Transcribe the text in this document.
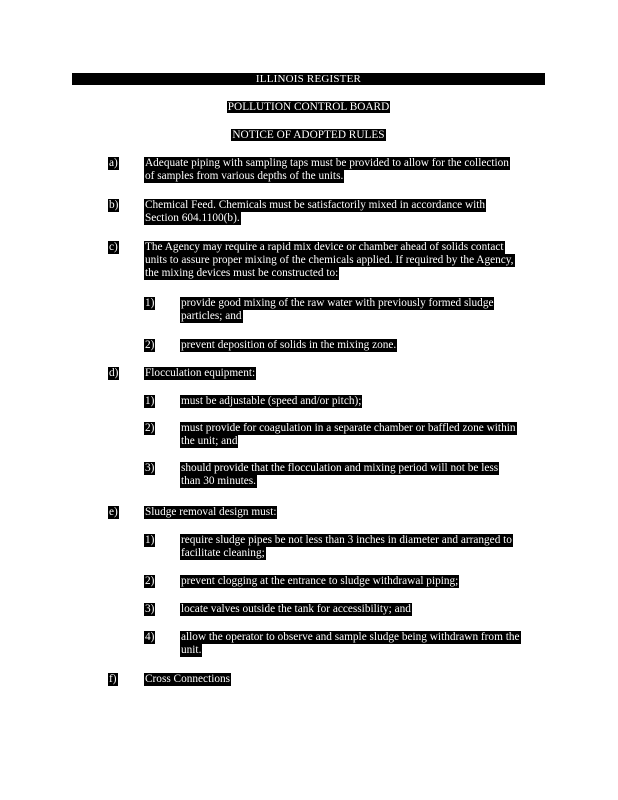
ILLINOIS REGISTER
POLLUTION CONTROL BOARD
NOTICE OF ADOPTED RULES
a) Adequate piping with sampling taps must be provided to allow for the collection
of samples from various depths of the units.
b) Chemical Feed. Chemicals must be satisfactorily mixed in accordance with
Section 604.1100(b).
c) The Agency may require a rapid mix device or chamber ahead of solids contact
units to assure proper mixing of the chemicals applied. If required by the Agency,
the mixing devices must be constructed to:
1) provide good mixing of the raw water with previously formed sludge
particles; and
2) prevent deposition of solids in the mixing zone.
d) Flocculation equipment:
1) must be adjustable (speed and/or pitch);
2) must provide for coagulation in a separate chamber or baffled zone within
the unit; and
3) should provide that the flocculation and mixing period will not be less
than 30 minutes.
e) Sludge removal design must:
1) require sludge pipes be not less than 3 inches in diameter and arranged to
facilitate cleaning;
2) prevent clogging at the entrance to sludge withdrawal piping;
3) locate valves outside the tank for accessibility; and
4) allow the operator to observe and sample sludge being withdrawn from the
unit.
f)	Cross Connections
